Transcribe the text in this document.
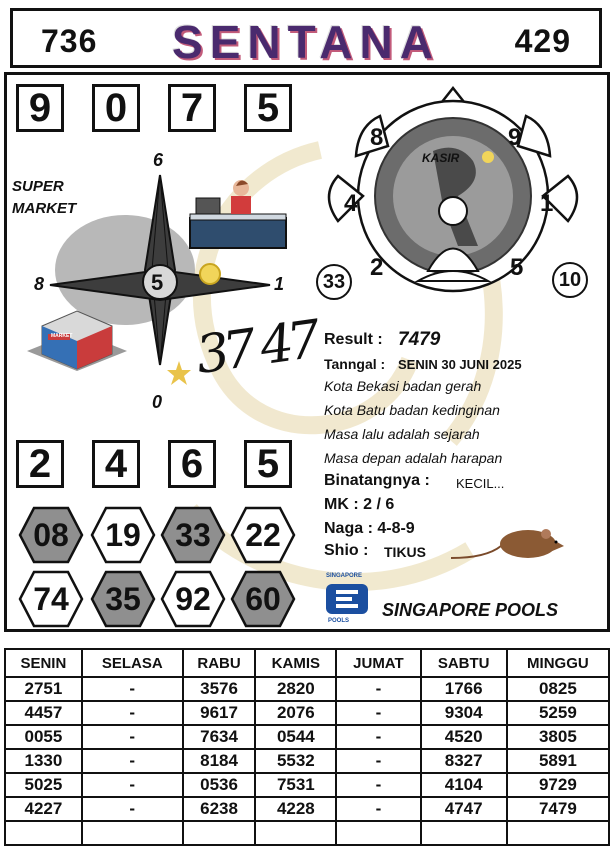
736	SENTANA	429
9	0	7	5
SUPER
MARKET
6
8	1
0
5
MARKET
KASIR
8	9
4	1
2	5
33	10
37 47 Result : 7479
Tanngal : SENIN 30 JUNI 2025
Kota Bekasi badan gerah
Kota Batu badan kedinginan
Masa lalu adalah sejarah
Masa depan adalah harapan
Binatangnya : KECIL...
MK : 2 / 6
Naga : 4-8-9
Shio : TIKUS
2	4	6	5
08 19 33 22
74 35 92 60
SINGAPORE
POOLS
SINGAPORE POOLS
SENIN	SELASA	RABU	KAMIS	JUMAT	SABTU	MINGGU
2751	-	3576	2820	-	1766	0825
4457	-	9617	2076	-	9304	5259
0055	-	7634	0544	-	4520	3805
1330	-	8184	5532	-	8327	5891
5025	-	0536	7531	-	4104	9729
4227	-	6238	4228	-	4747	7479
